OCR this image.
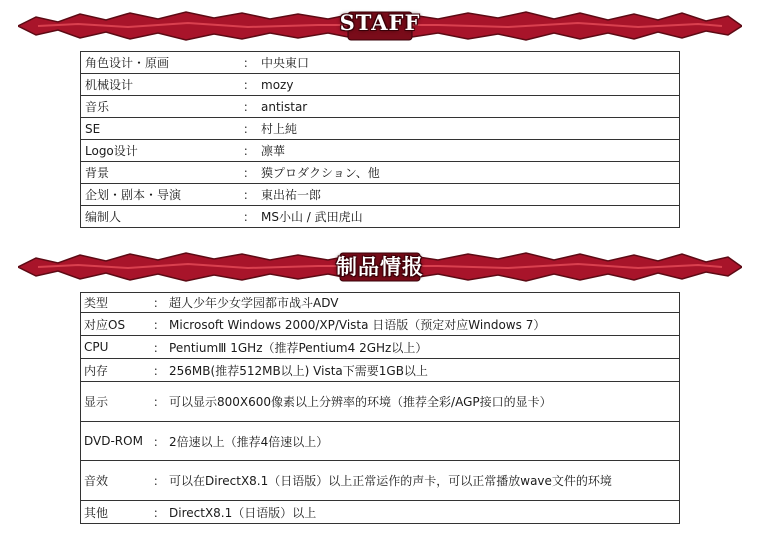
STAFF
角色设计・原画	：	中央東口
机械设计	：	mozy
音乐	：	antistar
SE	：	村上純
Logo设计	：	凛華
背景	：	獏プロダクション、他
企划・剧本・导演	：	東出祐一郎
编制人	：	MS小山 / 武田虎山
制品情报
类型	：	超人少年少女学园都市战斗ADV
对应OS	：	Microsoft Windows 2000/XP/Vista 日语版（预定对应Windows 7）
CPU	：	PentiumⅢ 1GHz（推荐Pentium4 2GHz以上）
内存	：	256MB(推荐512MB以上) Vista下需要1GB以上
显示	：	可以显示800X600像素以上分辨率的环境（推荐全彩/AGP接口的显卡）
DVD-ROM	：	2倍速以上（推荐4倍速以上）
音效	：	可以在DirectX8.1（日语版）以上正常运作的声卡，可以正常播放wave文件的环境
其他	：	DirectX8.1（日语版）以上
